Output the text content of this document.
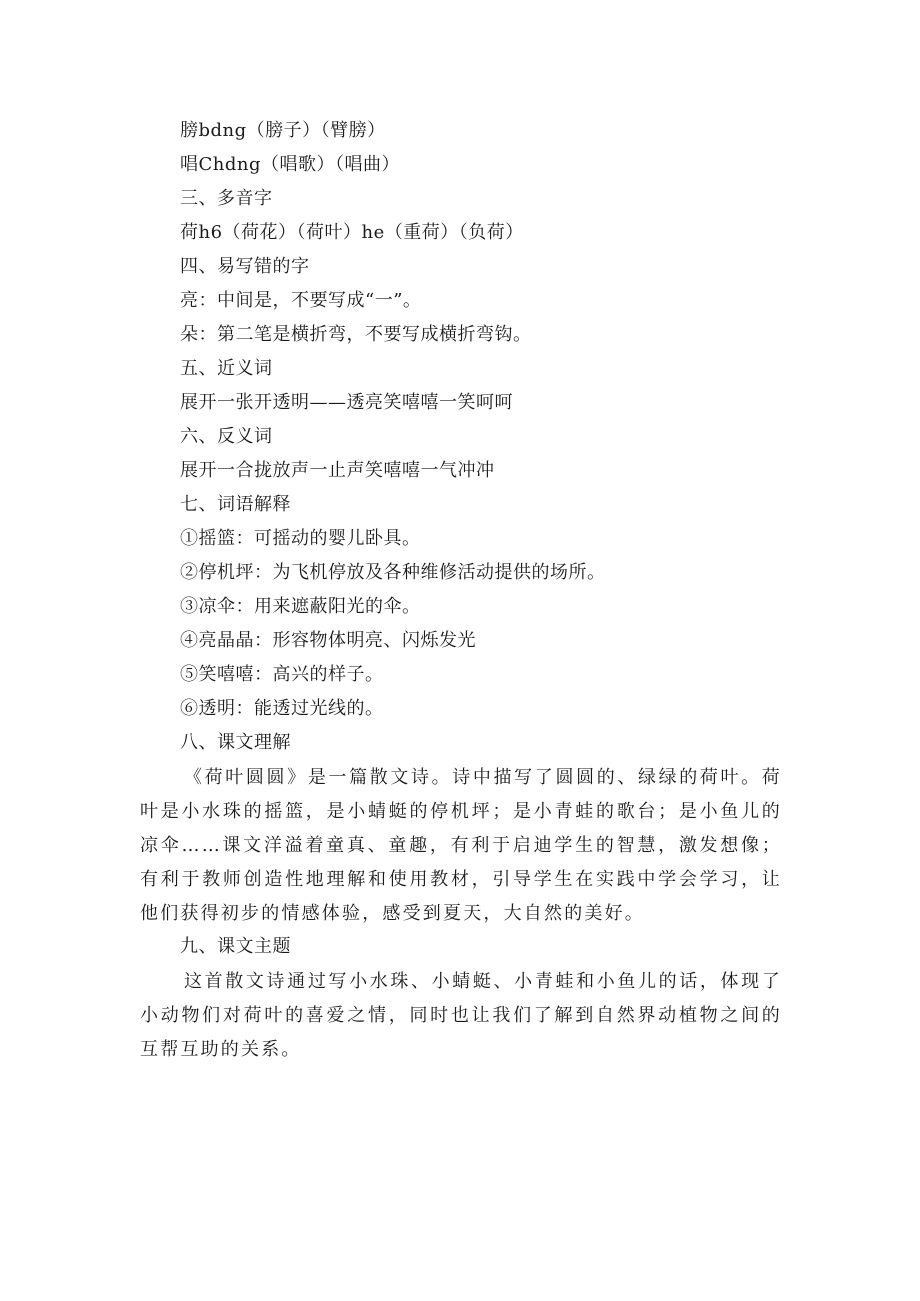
膀bdng（膀子）（臂膀）
唱Chdng（唱歌）（唱曲）
三、多音字
荷h6（荷花）（荷叶）he（重荷）（负荷）
四、易写错的字
亮：中间是，不要写成“一”。
朵：第二笔是横折弯，不要写成横折弯钩。
五、近义词
展开一张开透明——透亮笑嘻嘻一笑呵呵
六、反义词
展开一合拢放声一止声笑嘻嘻一气冲冲
七、词语解释
①摇篮：可摇动的婴儿卧具。
②停机坪：为飞机停放及各种维修活动提供的场所。
③凉伞：用来遮蔽阳光的伞。
④亮晶晶：形容物体明亮、闪烁发光
⑤笑嘻嘻：高兴的样子。
⑥透明：能透过光线的。
八、课文理解
《荷叶圆圆》是一篇散文诗。诗中描写了圆圆的、绿绿的荷叶。荷叶是小水珠的摇篮，是小蜻蜓的停机坪；是小青蛙的歌台；是小鱼儿的凉伞……课文洋溢着童真、童趣，有利于启迪学生的智慧，激发想像；有利于教师创造性地理解和使用教材，引导学生在实践中学会学习，让他们获得初步的情感体验，感受到夏天，大自然的美好。
九、课文主题
这首散文诗通过写小水珠、小蜻蜓、小青蛙和小鱼儿的话，体现了小动物们对荷叶的喜爱之情，同时也让我们了解到自然界动植物之间的互帮互助的关系。
